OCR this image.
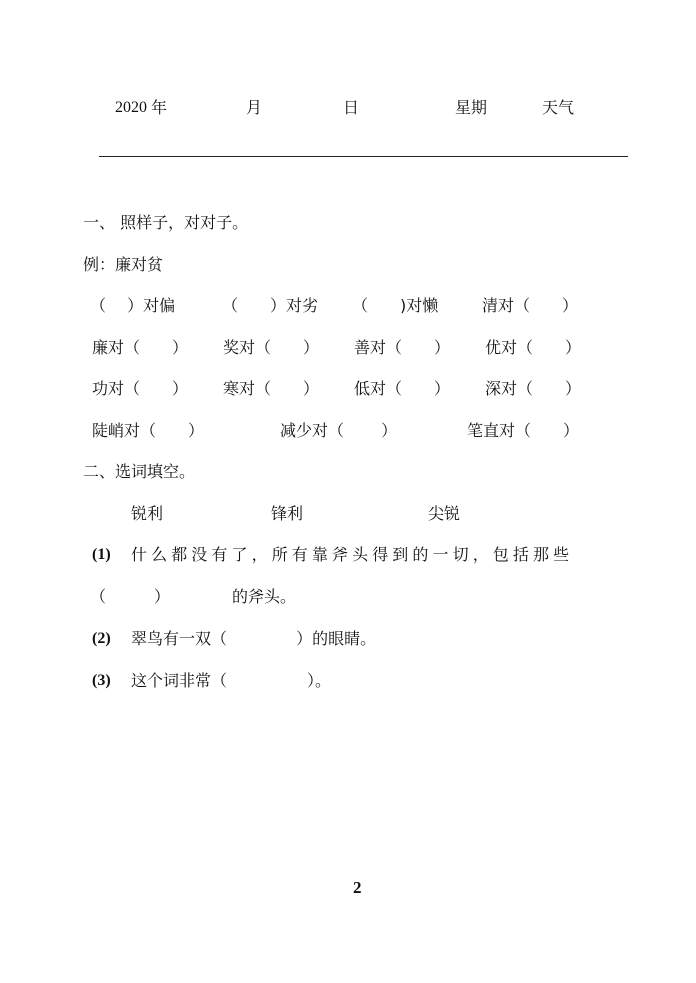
2020

年

	月

	日

	星期

	天气

一、 照样子，对对子。
例：廉对贫
（　 ）对偏	（　　）对劣 （　　)对懒	清对（　　）
廉对（　　） 奖对（　　） 善对（　　） 优对（　　）
功对（　　） 寒对（　　） 低对（　　） 深对（　　）
陡峭对（　　）	减少对（　　 ）	笔直对（　　）
二、选词填空。
锐利	锋利	尖锐
(1) 什么都没有了，所有靠斧头得到的一切，包括那些
（　　　）	的斧头。
(2) 翠鸟有一双（　　　　 ）的眼睛。
(3) 这个词非常（　　　　　）。
2
